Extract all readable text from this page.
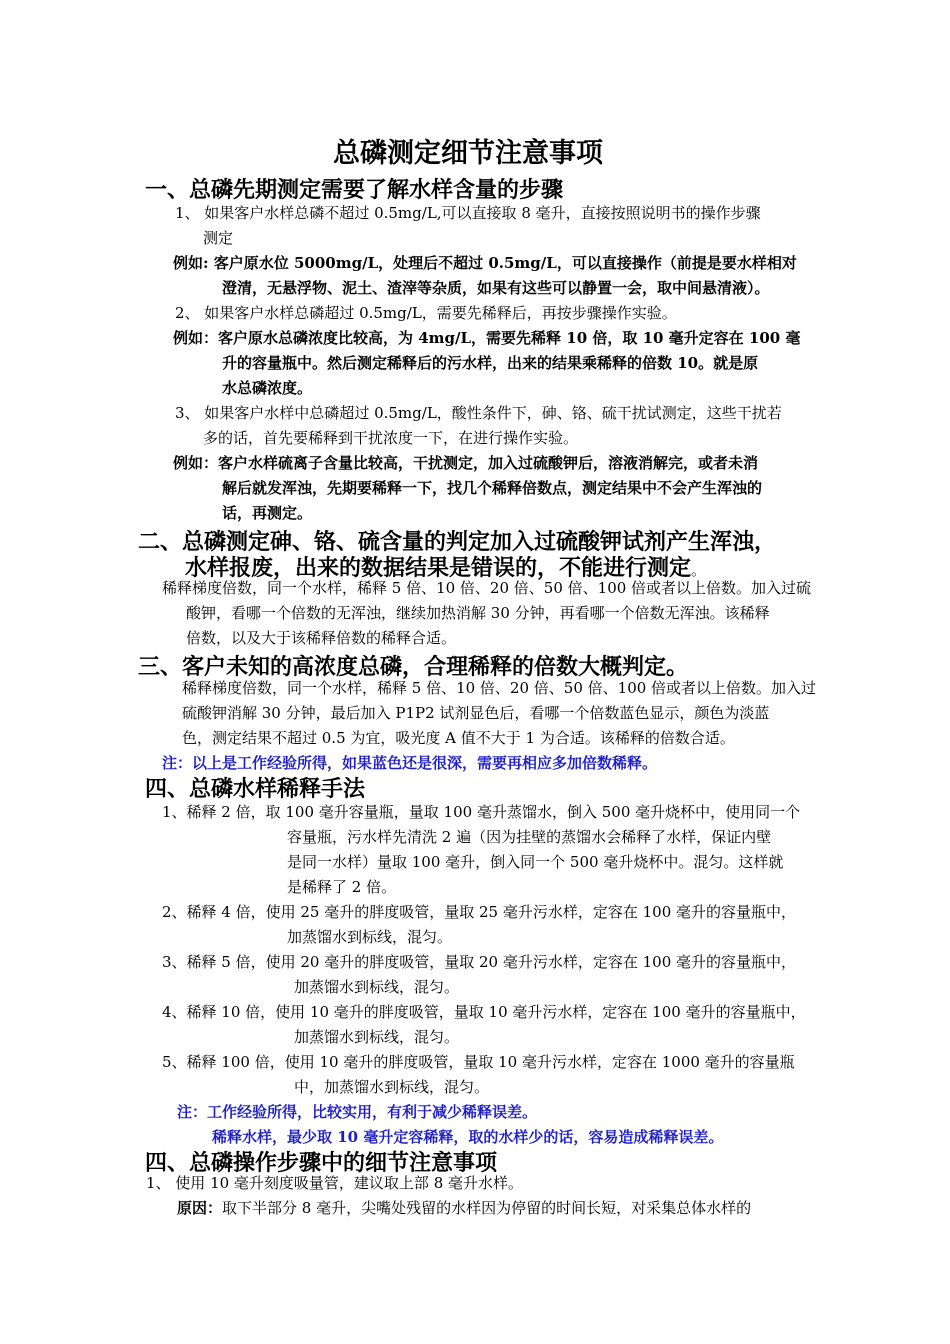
总磷测定细节注意事项
一、总磷先期测定需要了解水样含量的步骤
1、 如果客户水样总磷不超过 0.5mg/L,可以直接取 8 毫升，直接按照说明书的操作步骤
测定
例如: 客户原水位 5000mg/L，处理后不超过 0.5mg/L，可以直接操作（前提是要水样相对
澄清，无悬浮物、泥土、渣滓等杂质，如果有这些可以静置一会，取中间悬清液）。
2、 如果客户水样总磷超过 0.5mg/L，需要先稀释后，再按步骤操作实验。
例如：客户原水总磷浓度比较高，为 4mg/L，需要先稀释 10 倍，取 10 毫升定容在 100 毫
升的容量瓶中。然后测定稀释后的污水样，出来的结果乘稀释的倍数 10。就是原
水总磷浓度。
3、 如果客户水样中总磷超过 0.5mg/L，酸性条件下，砷、铬、硫干扰试测定，这些干扰若
多的话，首先要稀释到干扰浓度一下，在进行操作实验。
例如：客户水样硫离子含量比较高，干扰测定，加入过硫酸钾后，溶液消解完，或者未消
解后就发浑浊，先期要稀释一下，找几个稀释倍数点，测定结果中不会产生浑浊的
话，再测定。
二、总磷测定砷、铬、硫含量的判定加入过硫酸钾试剂产生浑浊，
水样报废，出来的数据结果是错误的，不能进行测定。
稀释梯度倍数，同一个水样，稀释 5 倍、10 倍、20 倍、50 倍、100 倍或者以上倍数。加入过硫
酸钾，看哪一个倍数的无浑浊，继续加热消解 30 分钟，再看哪一个倍数无浑浊。该稀释
倍数，以及大于该稀释倍数的稀释合适。
三、客户未知的高浓度总磷，合理稀释的倍数大概判定。
稀释梯度倍数，同一个水样，稀释 5 倍、10 倍、20 倍、50 倍、100 倍或者以上倍数。加入过
硫酸钾消解 30 分钟，最后加入 P1P2 试剂显色后，看哪一个倍数蓝色显示，颜色为淡蓝
色，测定结果不超过 0.5 为宜，吸光度 A 值不大于 1 为合适。该稀释的倍数合适。
注：以上是工作经验所得，如果蓝色还是很深，需要再相应多加倍数稀释。
四、总磷水样稀释手法
1、稀释 2 倍，取 100 毫升容量瓶，量取 100 毫升蒸馏水，倒入 500 毫升烧杯中，使用同一个
容量瓶，污水样先清洗 2 遍（因为挂壁的蒸馏水会稀释了水样，保证内壁
是同一水样）量取 100 毫升，倒入同一个 500 毫升烧杯中。混匀。这样就
是稀释了 2 倍。
2、稀释 4 倍，使用 25 毫升的胖度吸管，量取 25 毫升污水样，定容在 100 毫升的容量瓶中，
加蒸馏水到标线，混匀。
3、稀释 5 倍，使用 20 毫升的胖度吸管，量取 20 毫升污水样，定容在 100 毫升的容量瓶中，
加蒸馏水到标线，混匀。
4、稀释 10 倍，使用 10 毫升的胖度吸管，量取 10 毫升污水样，定容在 100 毫升的容量瓶中，
加蒸馏水到标线，混匀。
5、稀释 100 倍，使用 10 毫升的胖度吸管，量取 10 毫升污水样，定容在 1000 毫升的容量瓶
中，加蒸馏水到标线，混匀。
注：工作经验所得，比较实用，有利于减少稀释误差。
稀释水样，最少取 10 毫升定容稀释，取的水样少的话，容易造成稀释误差。
四、总磷操作步骤中的细节注意事项
1、 使用 10 毫升刻度吸量管，建议取上部 8 毫升水样。
原因：取下半部分 8 毫升，尖嘴处残留的水样因为停留的时间长短，对采集总体水样的
